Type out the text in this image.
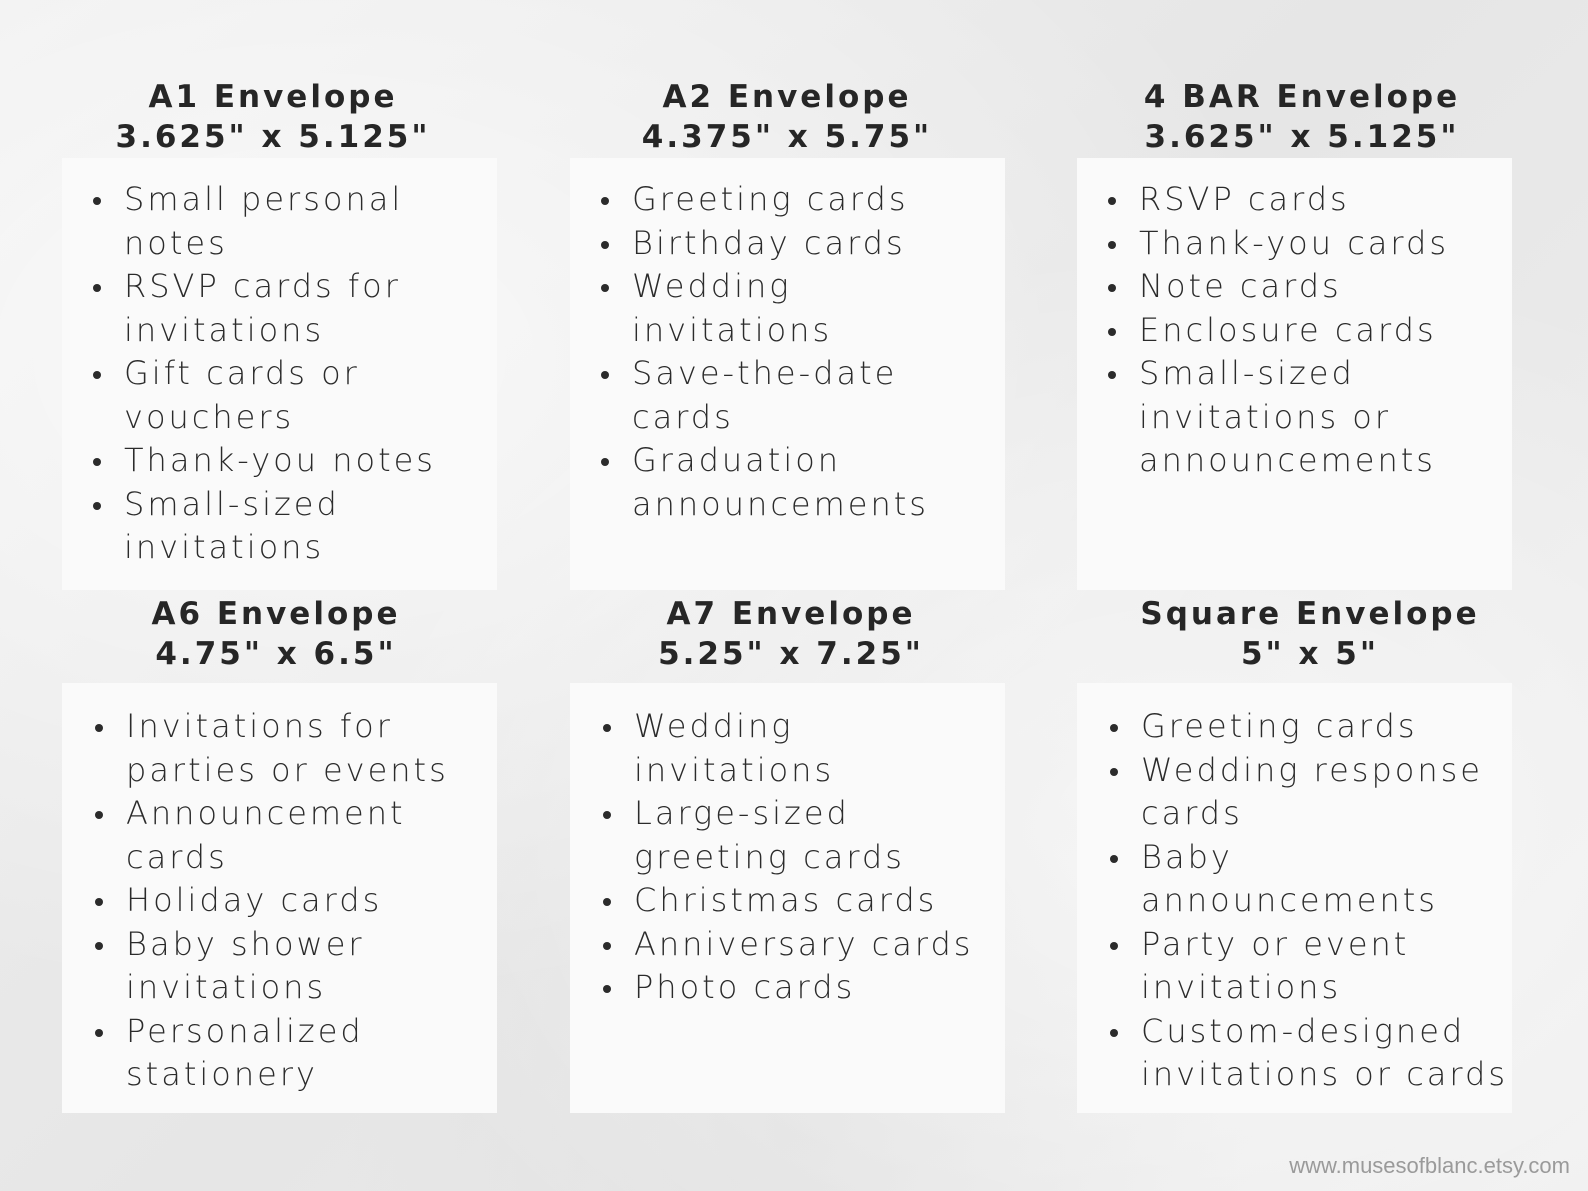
A1 Envelope
3.625" x 5.125"
Small personal notes
RSVP cards for invitations
Gift cards or vouchers
Thank-you notes
Small-sized invitations
A2 Envelope
4.375" x 5.75"
Greeting cards
Birthday cards
Wedding invitations
Save-the-date cards
Graduation announcements
4 BAR Envelope
3.625" x 5.125"
RSVP cards
Thank-you cards
Note cards
Enclosure cards
Small-sized invitations or announcements
A6 Envelope
4.75" x 6.5"
Invitations for parties or events
Announcement cards
Holiday cards
Baby shower invitations
Personalized stationery
A7 Envelope
5.25" x 7.25"
Wedding invitations
Large-sized greeting cards
Christmas cards
Anniversary cards
Photo cards
Square Envelope
5" x 5"
Greeting cards
Wedding response cards
Baby announcements
Party or event invitations
Custom-designed invitations or cards
www.musesofblanc.etsy.com
